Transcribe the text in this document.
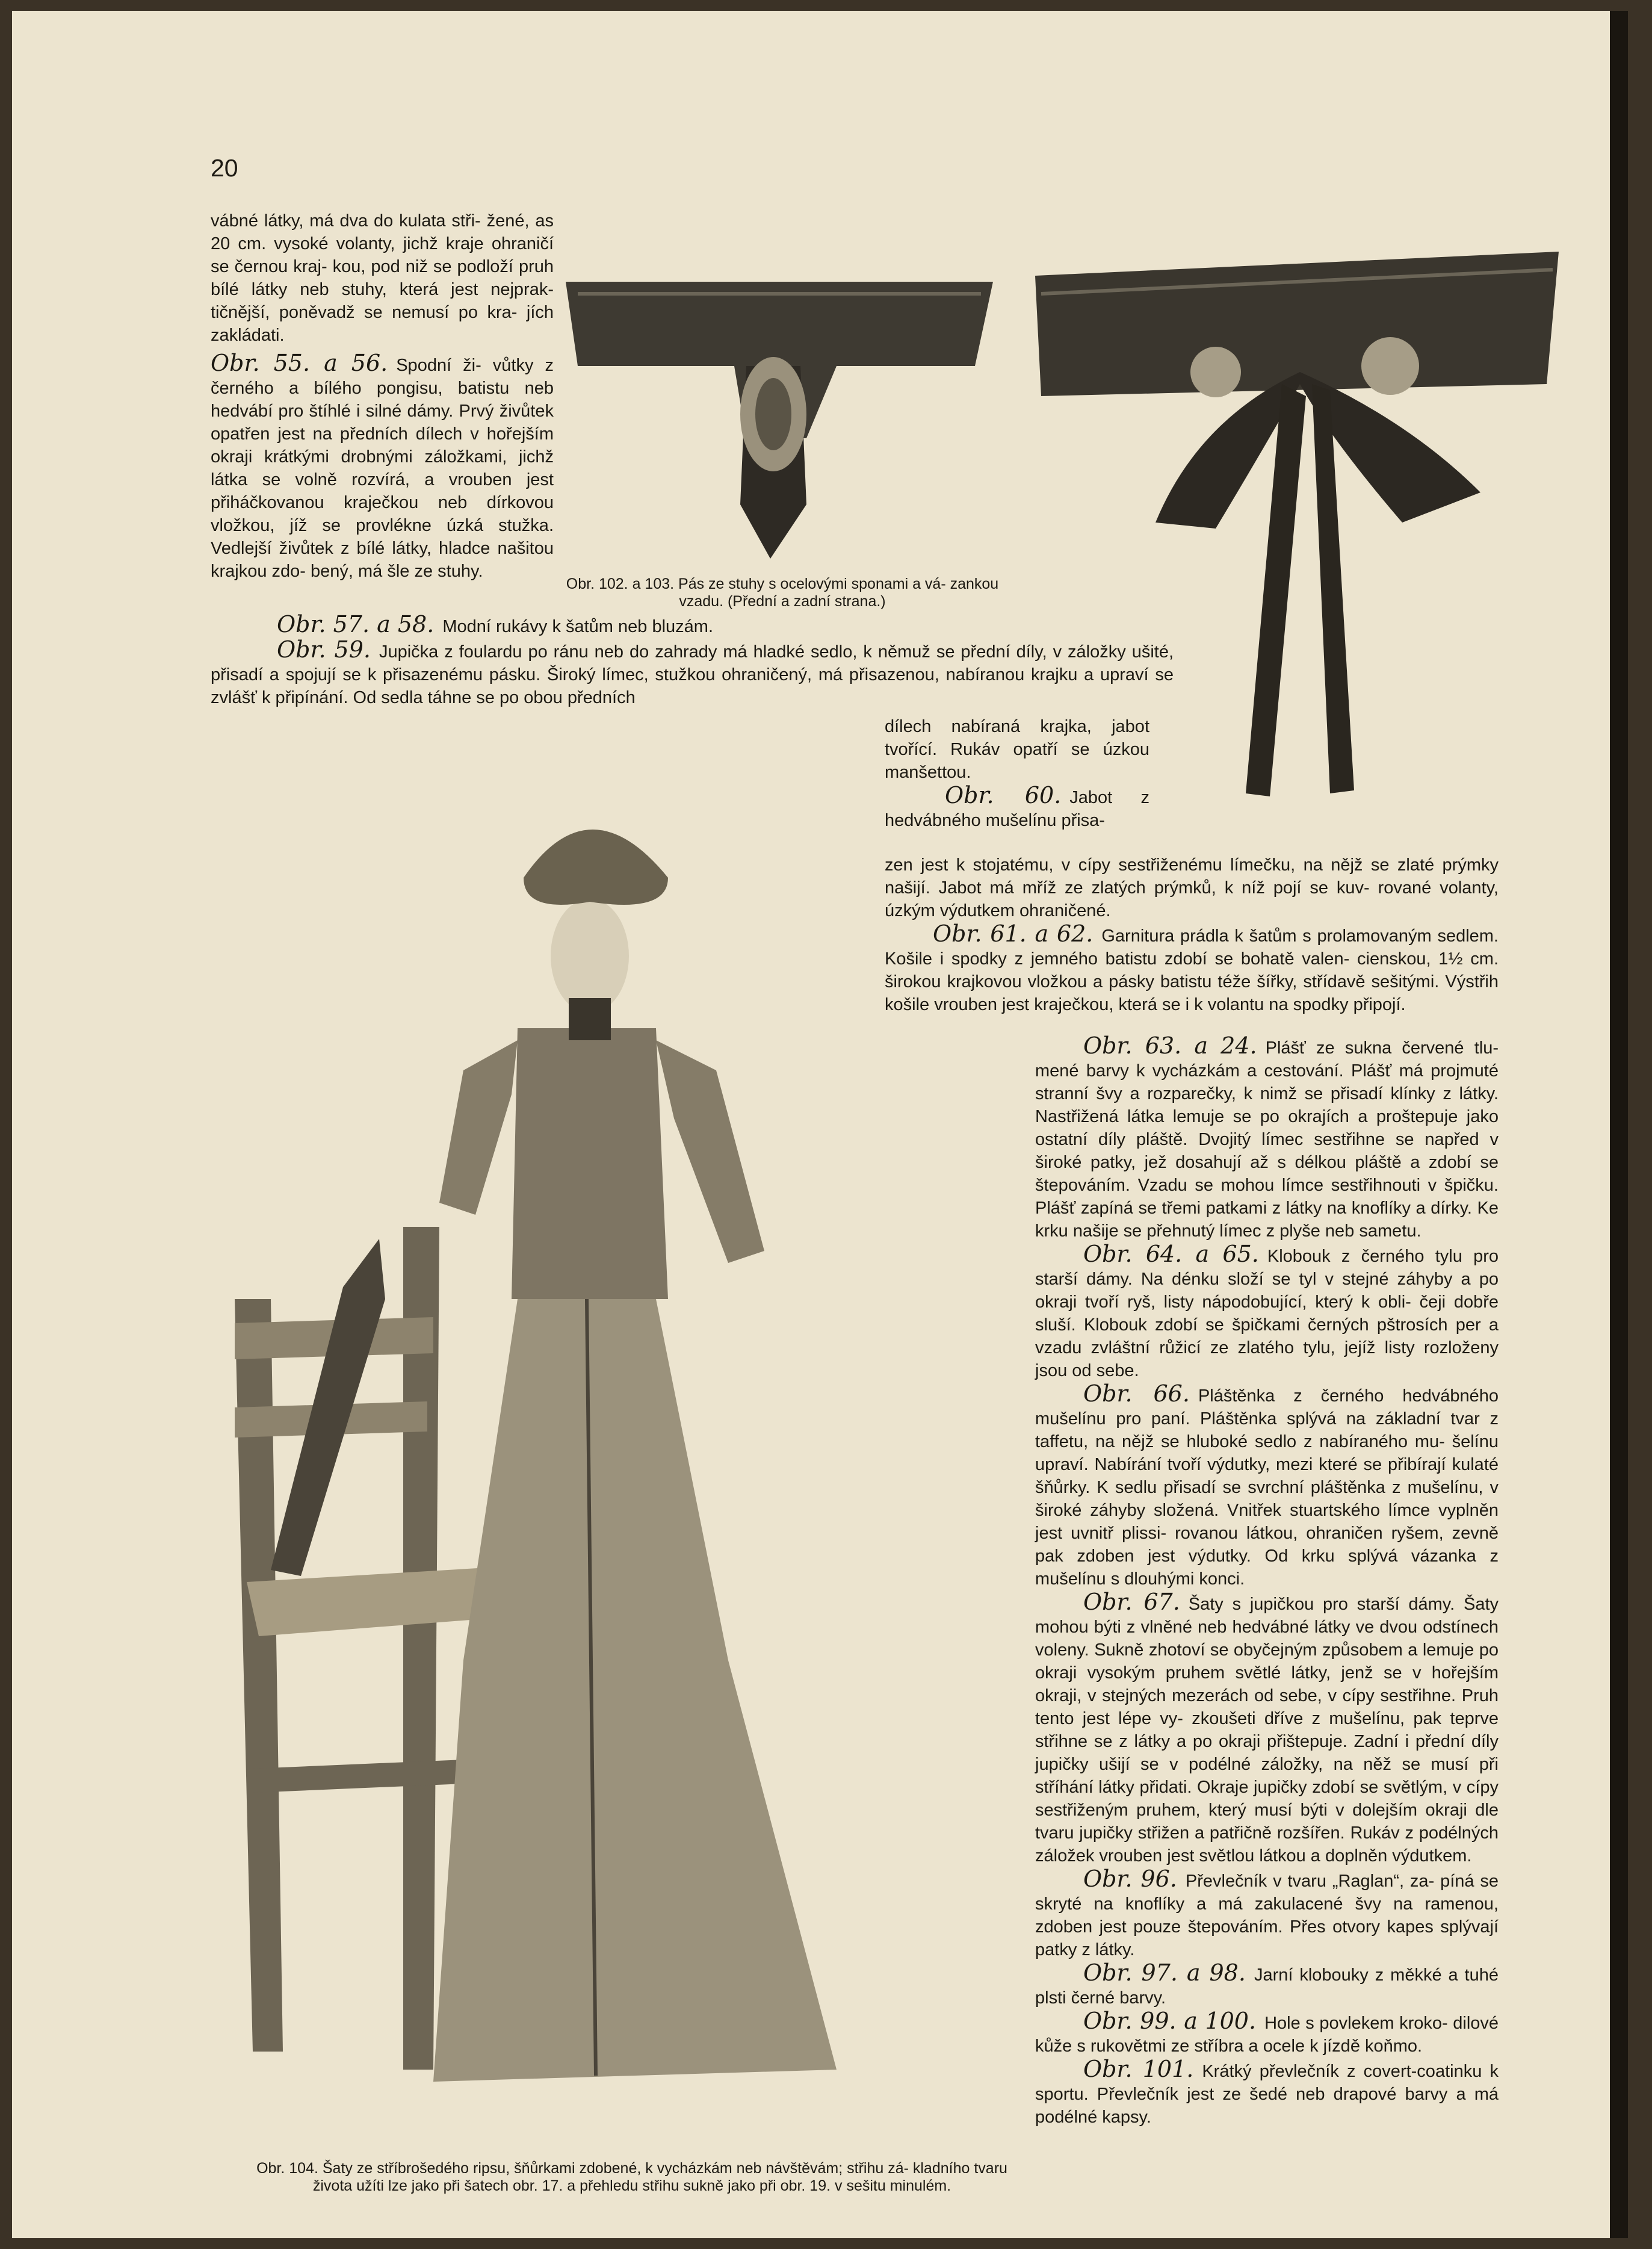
20

vábné látky, má dva do kulata stři- žené, as 20 cm. vysoké volanty, jichž kraje ohraničí se černou kraj- kou, pod niž se podloží pruh bílé látky neb stuhy, která jest nejprak- tičnější, poněvadž se nemusí po kra- jích zakládati.

Obr. 55. a 56. Spodní ži- vůtky z černého a bílého pongisu, batistu neb hedvábí pro štíhlé i silné dámy. Prvý živůtek opatřen jest na předních dílech v hořejším okraji krátkými drobnými záložkami, jichž látka se volně rozvírá, a vrouben jest přiháčkovanou kraječkou neb dírkovou vložkou, jíž se provlékne úzká stužka. Vedlejší živůtek z bílé látky, hladce našitou krajkou zdo- bený, má šle ze stuhy.

Obr. 102. a 103. Pás ze stuhy s ocelovými sponami a vá- zankou vzadu. (Přední a zadní strana.)

Obr. 57. a 58. Modní rukávy k šatům neb bluzám.

Obr. 59. Jupička z foulardu po ránu neb do zahrady má hladké sedlo, k němuž se přední díly, v záložky ušité, přisadí a spojují se k přisazenému pásku. Široký límec, stužkou ohraničený, má přisazenou, nabíranou krajku a upraví se zvlášť k připínání. Od sedla táhne se po obou předních

dílech nabíraná krajka, jabot tvořící. Rukáv opatří se úzkou manšettou.

Obr. 60. Jabot z hedvábného mušelínu přisa-

zen jest k stojatému, v cípy sestřiženému límečku, na nějž se zlaté prýmky našijí. Jabot má mříž ze zlatých prýmků, k níž pojí se kuv- rované volanty, úzkým výdutkem ohraničené.

Obr. 61. a 62. Garnitura prádla k šatům s prolamovaným sedlem. Košile i spodky z jemného batistu zdobí se bohatě valen- cienskou, 1½ cm. širokou krajkovou vložkou a pásky batistu téže šířky, střídavě sešitými. Výstřih košile vrouben jest kraječkou, která se i k volantu na spodky připojí.

Obr. 63. a 24. Plášť ze sukna červené tlu- mené barvy k vycházkám a cestování. Plášť má projmuté stranní švy a rozparečky, k nimž se přisadí klínky z látky. Nastřižená látka lemuje se po okrajích a proštepuje jako ostatní díly pláště. Dvojitý límec sestřihne se napřed v široké patky, jež dosahují až s délkou pláště a zdobí se štepováním. Vzadu se mohou límce sestřihnouti v špičku. Plášť zapíná se třemi patkami z látky na knoflíky a dírky. Ke krku našije se přehnutý límec z plyše neb sametu.

Obr. 64. a 65. Klobouk z černého tylu pro starší dámy. Na dénku složí se tyl v stejné záhyby a po okraji tvoří ryš, listy nápodobující, který k obli- čeji dobře sluší. Klobouk zdobí se špičkami černých pštrosích per a vzadu zvláštní růžicí ze zlatého tylu, jejíž listy rozloženy jsou od sebe.

Obr. 66. Pláštěnka z černého hedvábného mušelínu pro paní. Pláštěnka splývá na základní tvar z taffetu, na nějž se hluboké sedlo z nabíraného mu- šelínu upraví. Nabírání tvoří výdutky, mezi které se přibírají kulaté šňůrky. K sedlu přisadí se svrchní pláštěnka z mušelínu, v široké záhyby složená. Vnitřek stuartského límce vyplněn jest uvnitř plissi- rovanou látkou, ohraničen ryšem, zevně pak zdoben jest výdutky. Od krku splývá vázanka z mušelínu s dlouhými konci.

Obr. 67. Šaty s jupičkou pro starší dámy. Šaty mohou býti z vlněné neb hedvábné látky ve dvou odstínech voleny. Sukně zhotoví se obyčejným způsobem a lemuje po okraji vysokým pruhem světlé látky, jenž se v hořejším okraji, v stejných mezerách od sebe, v cípy sestřihne. Pruh tento jest lépe vy- zkoušeti dříve z mušelínu, pak teprve střihne se z látky a po okraji přištepuje. Zadní i přední díly jupičky ušijí se v podélné záložky, na něž se musí při stříhání látky přidati. Okraje jupičky zdobí se světlým, v cípy sestřiženým pruhem, který musí býti v dolejším okraji dle tvaru jupičky střižen a patřičně rozšířen. Rukáv z podélných záložek vrouben jest světlou látkou a doplněn výdutkem.

Obr. 96. Převlečník v tvaru „Raglan“, za- píná se skryté na knoflíky a má zakulacené švy na ramenou, zdoben jest pouze štepováním. Přes otvory kapes splývají patky z látky.

Obr. 97. a 98. Jarní klobouky z měkké a tuhé plsti černé barvy.

Obr. 99. a 100. Hole s povlekem kroko- dilové kůže s rukovětmi ze stříbra a ocele k jízdě koňmo.

Obr. 101. Krátký převlečník z covert-coatinku k sportu. Převlečník jest ze šedé neb drapové barvy a má podélné kapsy.

Obr. 104. Šaty ze stříbrošedého ripsu, šňůrkami zdobené, k vycházkám neb návštěvám; střihu zá- kladního tvaru života užíti lze jako při šatech obr. 17. a přehledu střihu sukně jako při obr. 19. v sešitu minulém.
